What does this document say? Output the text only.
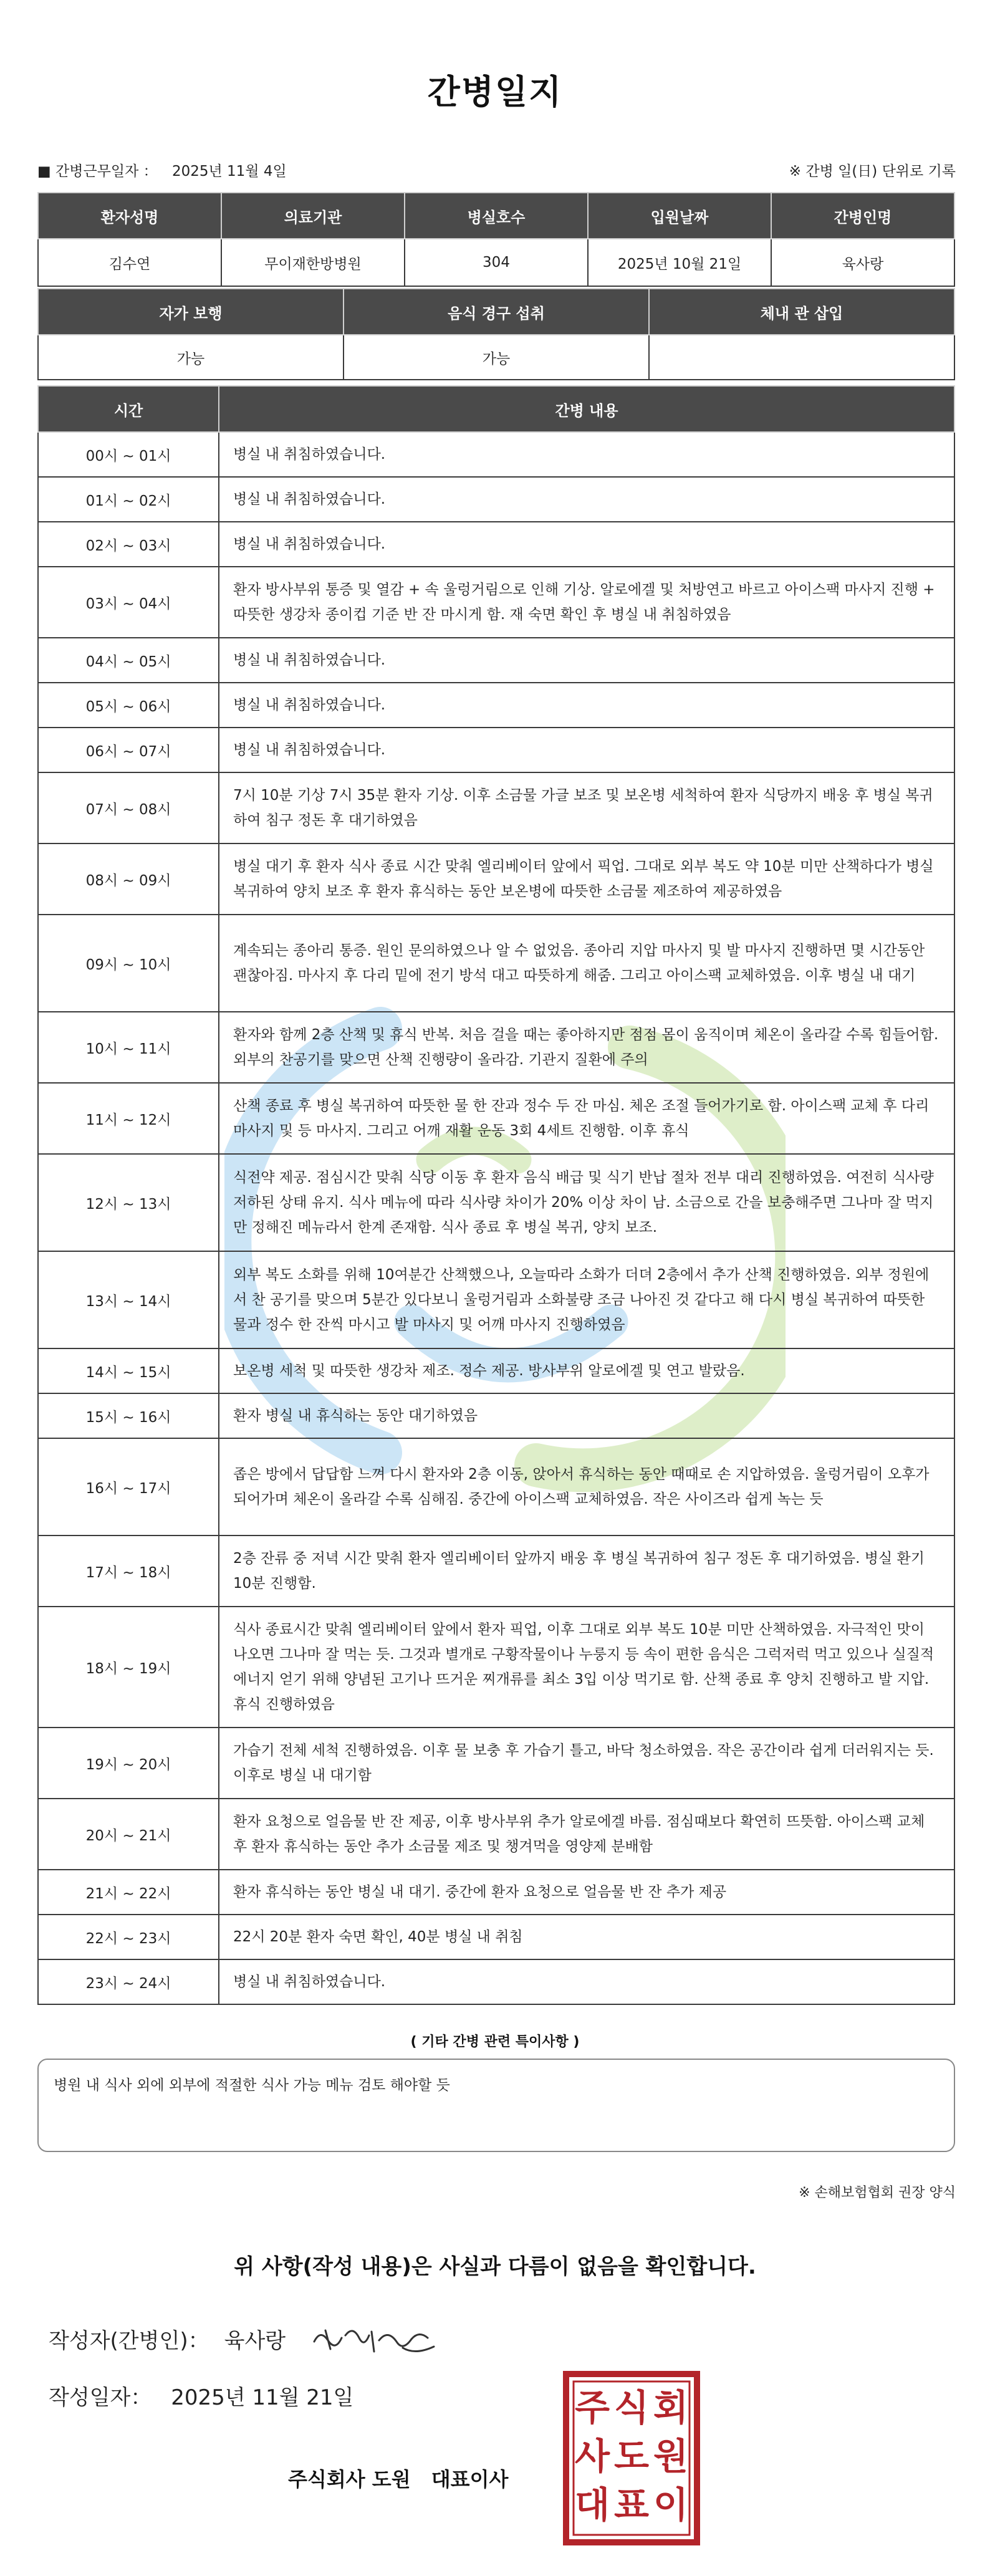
간병일지
■ 간병근무일자 ： 2025년 11월 4일	※ 간병 일(日) 단위로 기록
환자성명	의료기관	병실호수	입원날짜	간병인명
김수연	무이재한방병원	304	2025년 10월 21일	육사랑
자가 보행	음식 경구 섭취	체내 관 삽입
가능	가능	
시간	간병 내용
00시 ~ 01시	병실 내 취침하였습니다.
01시 ~ 02시	병실 내 취침하였습니다.
02시 ~ 03시	병실 내 취침하였습니다.
03시 ~ 04시	환자 방사부위 통증 및 열감 + 속 울렁거림으로 인해 기상. 알로에겔 및 처방연고 바르고 아이스팩 마사지 진행 + 따뜻한 생강차 종이컵 기준 반 잔 마시게 함. 재 숙면 확인 후 병실 내 취침하였음
04시 ~ 05시	병실 내 취침하였습니다.
05시 ~ 06시	병실 내 취침하였습니다.
06시 ~ 07시	병실 내 취침하였습니다.
07시 ~ 08시	7시 10분 기상 7시 35분 환자 기상. 이후 소금물 가글 보조 및 보온병 세척하여 환자 식당까지 배웅 후 병실 복귀하여 침구 정돈 후 대기하였음
08시 ~ 09시	병실 대기 후 환자 식사 종료 시간 맞춰 엘리베이터 앞에서 픽업. 그대로 외부 복도 약 10분 미만 산책하다가 병실 복귀하여 양치 보조 후 환자 휴식하는 동안 보온병에 따뜻한 소금물 제조하여 제공하였음
09시 ~ 10시	계속되는 종아리 통증. 원인 문의하였으나 알 수 없었음. 종아리 지압 마사지 및 발 마사지 진행하면 몇 시간동안 괜찮아짐. 마사지 후 다리 밑에 전기 방석 대고 따뜻하게 해줌. 그리고 아이스팩 교체하였음. 이후 병실 내 대기
10시 ~ 11시	환자와 함께 2층 산책 및 휴식 반복. 처음 걸을 때는 좋아하지만 점점 몸이 움직이며 체온이 올라갈 수록 힘들어함. 외부의 찬공기를 맞으면 산책 진행량이 올라감. 기관지 질환에 주의
11시 ~ 12시	산책 종료 후 병실 복귀하여 따뜻한 물 한 잔과 정수 두 잔 마심. 체온 조절 들어가기로 함. 아이스팩 교체 후 다리 마사지 및 등 마사지. 그리고 어깨 재활 운동 3회 4세트 진행함. 이후 휴식
12시 ~ 13시	식전약 제공. 점심시간 맞춰 식당 이동 후 환자 음식 배급 및 식기 반납 절차 전부 대리 진행하였음. 여전히 식사량 저하된 상태 유지. 식사 메뉴에 따라 식사량 차이가 20% 이상 차이 남. 소금으로 간을 보충해주면 그나마 잘 먹지만 정해진 메뉴라서 한계 존재함. 식사 종료 후 병실 복귀, 양치 보조.
13시 ~ 14시	외부 복도 소화를 위해 10여분간 산책했으나, 오늘따라 소화가 더뎌 2층에서 추가 산책 진행하였음. 외부 정원에서 찬 공기를 맞으며 5분간 있다보니 울렁거림과 소화불량 조금 나아진 것 같다고 해 다시 병실 복귀하여 따뜻한 물과 정수 한 잔씩 마시고 발 마사지 및 어깨 마사지 진행하였음
14시 ~ 15시	보온병 세척 및 따뜻한 생강차 제조. 정수 제공. 방사부위 알로에겔 및 연고 발랐음.
15시 ~ 16시	환자 병실 내 휴식하는 동안 대기하였음
16시 ~ 17시	좁은 방에서 답답함 느껴 다시 환자와 2층 이동, 앉아서 휴식하는 동안 때때로 손 지압하였음. 울렁거림이 오후가 되어가며 체온이 올라갈 수록 심해짐. 중간에 아이스팩 교체하였음. 작은 사이즈라 쉽게 녹는 듯
17시 ~ 18시	2층 잔류 중 저녁 시간 맞춰 환자 엘리베이터 앞까지 배웅 후 병실 복귀하여 침구 정돈 후 대기하였음. 병실 환기 10분 진행함.
18시 ~ 19시	식사 종료시간 맞춰 엘리베이터 앞에서 환자 픽업, 이후 그대로 외부 복도 10분 미만 산책하였음. 자극적인 맛이 나오면 그나마 잘 먹는 듯. 그것과 별개로 구황작물이나 누룽지 등 속이 편한 음식은 그럭저럭 먹고 있으나 실질적 에너지 얻기 위해 양념된 고기나 뜨거운 찌개류를 최소 3입 이상 먹기로 함. 산책 종료 후 양치 진행하고 발 지압. 휴식 진행하였음
19시 ~ 20시	가습기 전체 세척 진행하였음. 이후 물 보충 후 가습기 틀고, 바닥 청소하였음. 작은 공간이라 쉽게 더러워지는 듯. 이후로 병실 내 대기함
20시 ~ 21시	환자 요청으로 얼음물 반 잔 제공, 이후 방사부위 추가 알로에겔 바름. 점심때보다 확연히 뜨뜻함. 아이스팩 교체 후 환자 휴식하는 동안 추가 소금물 제조 및 챙겨먹을 영양제 분배함
21시 ~ 22시	환자 휴식하는 동안 병실 내 대기. 중간에 환자 요청으로 얼음물 반 잔 추가 제공
22시 ~ 23시	22시 20분 환자 숙면 확인, 40분 병실 내 취침
23시 ~ 24시	병실 내 취침하였습니다.
( 기타 간병 관련 특이사항 )
병원 내 식사 외에 외부에 적절한 식사 가능 메뉴 검토 해야할 듯
※ 손해보험협회 권장 양식
위 사항(작성 내용)은 사실과 다름이 없음을 확인합니다.
작성자(간병인)： 육사랑
작성일자： 2025년 11월 21일
주식회사 도원 대표이사
주 식 회
사 도 원
대 표 이
